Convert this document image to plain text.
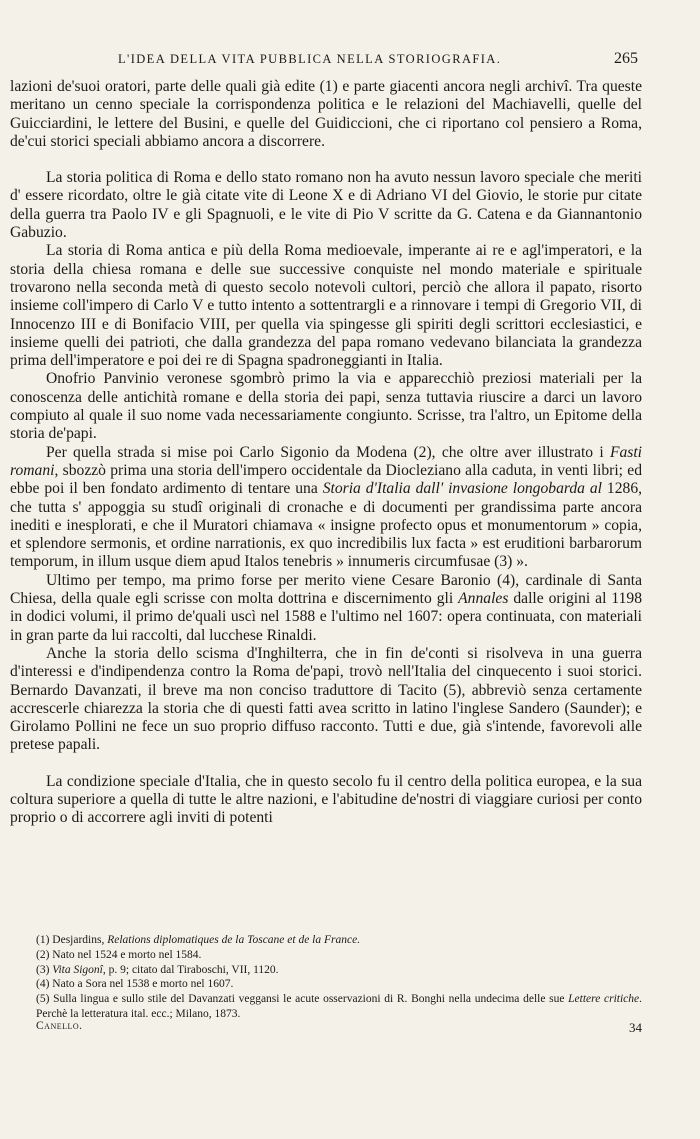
L'IDEA DELLA VITA PUBBLICA NELLA STORIOGRAFIA.	265

lazioni de'suoi oratori, parte delle quali già edite (1) e parte giacenti ancora negli archivî. Tra queste meritano un cenno speciale la corrispondenza politica e le relazioni del Machiavelli, quelle del Guicciardini, le lettere del Busini, e quelle del Guidiccioni, che ci riportano col pensiero a Roma, de'cui storici speciali abbiamo ancora a discorrere.

La storia politica di Roma e dello stato romano non ha avuto nessun lavoro speciale che meriti d' essere ricordato, oltre le già citate vite di Leone X e di Adriano VI del Giovio, le storie pur citate della guerra tra Paolo IV e gli Spagnuoli, e le vite di Pio V scritte da G. Catena e da Giannantonio Gabuzio.

La storia di Roma antica e più della Roma medioevale, imperante ai re e agl'imperatori, e la storia della chiesa romana e delle sue successive conquiste nel mondo materiale e spirituale trovarono nella seconda metà di questo secolo notevoli cultori, perciò che allora il papato, risorto insieme coll'impero di Carlo V e tutto intento a sottentrargli e a rinnovare i tempi di Gregorio VII, di Innocenzo III e di Bonifacio VIII, per quella via spingesse gli spiriti degli scrittori ecclesiastici, e insieme quelli dei patrioti, che dalla grandezza del papa romano vedevano bilanciata la grandezza prima dell'imperatore e poi dei re di Spagna spadroneggianti in Italia.

Onofrio Panvinio veronese sgombrò primo la via e apparecchiò preziosi materiali per la conoscenza delle antichità romane e della storia dei papi, senza tuttavia riuscire a darci un lavoro compiuto al quale il suo nome vada necessariamente congiunto. Scrisse, tra l'altro, un Epitome della storia de'papi.

Per quella strada si mise poi Carlo Sigonio da Modena (2), che oltre aver illustrato i Fasti romani, sbozzò prima una storia dell'impero occidentale da Diocleziano alla caduta, in venti libri; ed ebbe poi il ben fondato ardimento di tentare una Storia d'Italia dall' invasione longobarda al 1286, che tutta s' appoggia su studî originali di cronache e di documenti per grandissima parte ancora inediti e inesplorati, e che il Muratori chiamava « insigne profecto opus et monumentorum » copia, et splendore sermonis, et ordine narrationis, ex quo incredibilis lux facta » est eruditioni barbarorum temporum, in illum usque diem apud Italos tenebris » innumeris circumfusae (3) ».

Ultimo per tempo, ma primo forse per merito viene Cesare Baronio (4), cardinale di Santa Chiesa, della quale egli scrisse con molta dottrina e discernimento gli Annales dalle origini al 1198 in dodici volumi, il primo de'quali uscì nel 1588 e l'ultimo nel 1607: opera continuata, con materiali in gran parte da lui raccolti, dal lucchese Rinaldi.

Anche la storia dello scisma d'Inghilterra, che in fin de'conti si risolveva in una guerra d'interessi e d'indipendenza contro la Roma de'papi, trovò nell'Italia del cinquecento i suoi storici. Bernardo Davanzati, il breve ma non conciso traduttore di Tacito (5), abbreviò senza certamente accrescerle chiarezza la storia che di questi fatti avea scritto in latino l'inglese Sandero (Saunder); e Girolamo Pollini ne fece un suo proprio diffuso racconto. Tutti e due, già s'intende, favorevoli alle pretese papali.

La condizione speciale d'Italia, che in questo secolo fu il centro della politica europea, e la sua coltura superiore a quella di tutte le altre nazioni, e l'abitudine de'nostri di viaggiare curiosi per conto proprio o di accorrere agli inviti di potenti

(1) Desjardins, Relations diplomatiques de la Toscane et de la France.
(2) Nato nel 1524 e morto nel 1584.
(3) Vita Sigonî, p. 9; citato dal Tiraboschi, VII, 1120.
(4) Nato a Sora nel 1538 e morto nel 1607.
(5) Sulla lingua e sullo stile del Davanzati veggansi le acute osservazioni di R. Bonghi nella undecima delle sue Lettere critiche. Perchè la letteratura ital. ecc.; Milano, 1873.
Canello.	34
